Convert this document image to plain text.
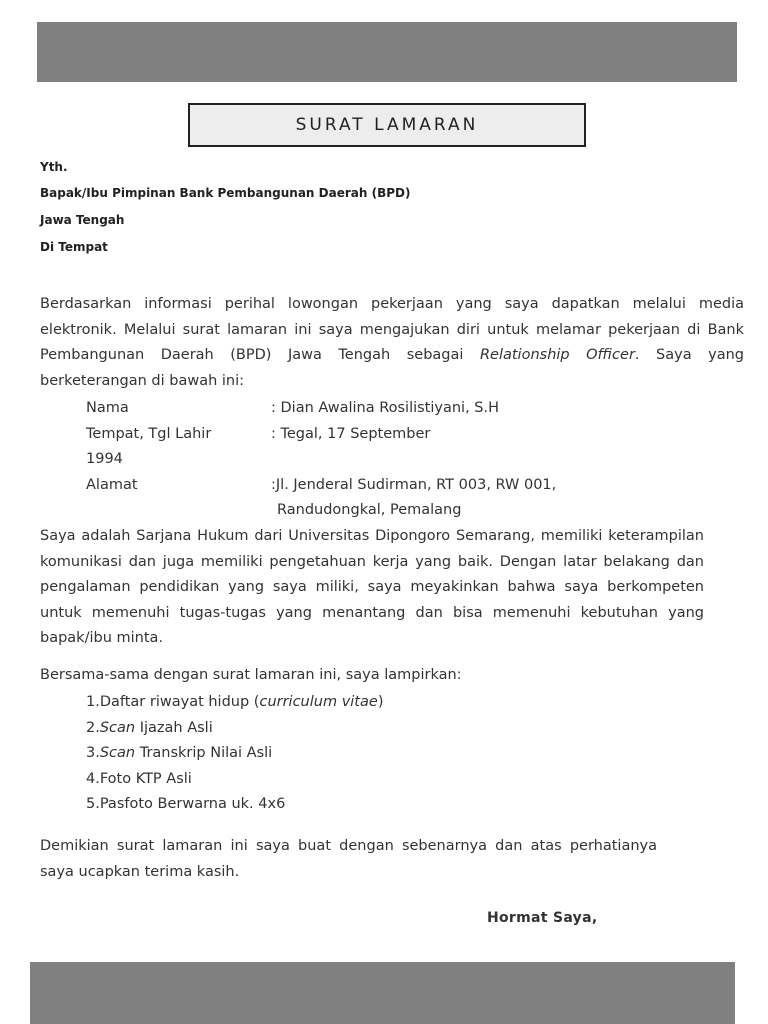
SURAT LAMARAN
Yth.
Bapak/Ibu Pimpinan Bank Pembangunan Daerah (BPD)
Jawa Tengah
Di Tempat
Berdasarkan informasi perihal lowongan pekerjaan yang saya dapatkan melalui media elektronik. Melalui surat lamaran ini saya mengajukan diri untuk melamar pekerjaan di Bank Pembangunan Daerah (BPD) Jawa Tengah sebagai Relationship Officer. Saya yang berketerangan di bawah ini:
Nama	: Dian Awalina Rosilistiyani, S.H
Tempat, Tgl Lahir	: Tegal, 17 September
1994
Alamat	:Jl. Jenderal Sudirman, RT 003, RW 001,
Randudongkal, Pemalang
Saya adalah Sarjana Hukum dari Universitas Dipongoro Semarang, memiliki keterampilan komunikasi dan juga memiliki pengetahuan kerja yang baik. Dengan latar belakang dan pengalaman pendidikan yang saya miliki, saya meyakinkan bahwa saya berkompeten untuk memenuhi tugas-tugas yang menantang dan bisa memenuhi kebutuhan yang bapak/ibu minta.
Bersama-sama dengan surat lamaran ini, saya lampirkan:
1.Daftar riwayat hidup (curriculum vitae)
2.Scan Ijazah Asli
3.Scan Transkrip Nilai Asli
4.Foto KTP Asli
5.Pasfoto Berwarna uk. 4x6
Demikian surat lamaran ini saya buat dengan sebenarnya dan atas perhatianya saya ucapkan terima kasih.
Hormat Saya,
